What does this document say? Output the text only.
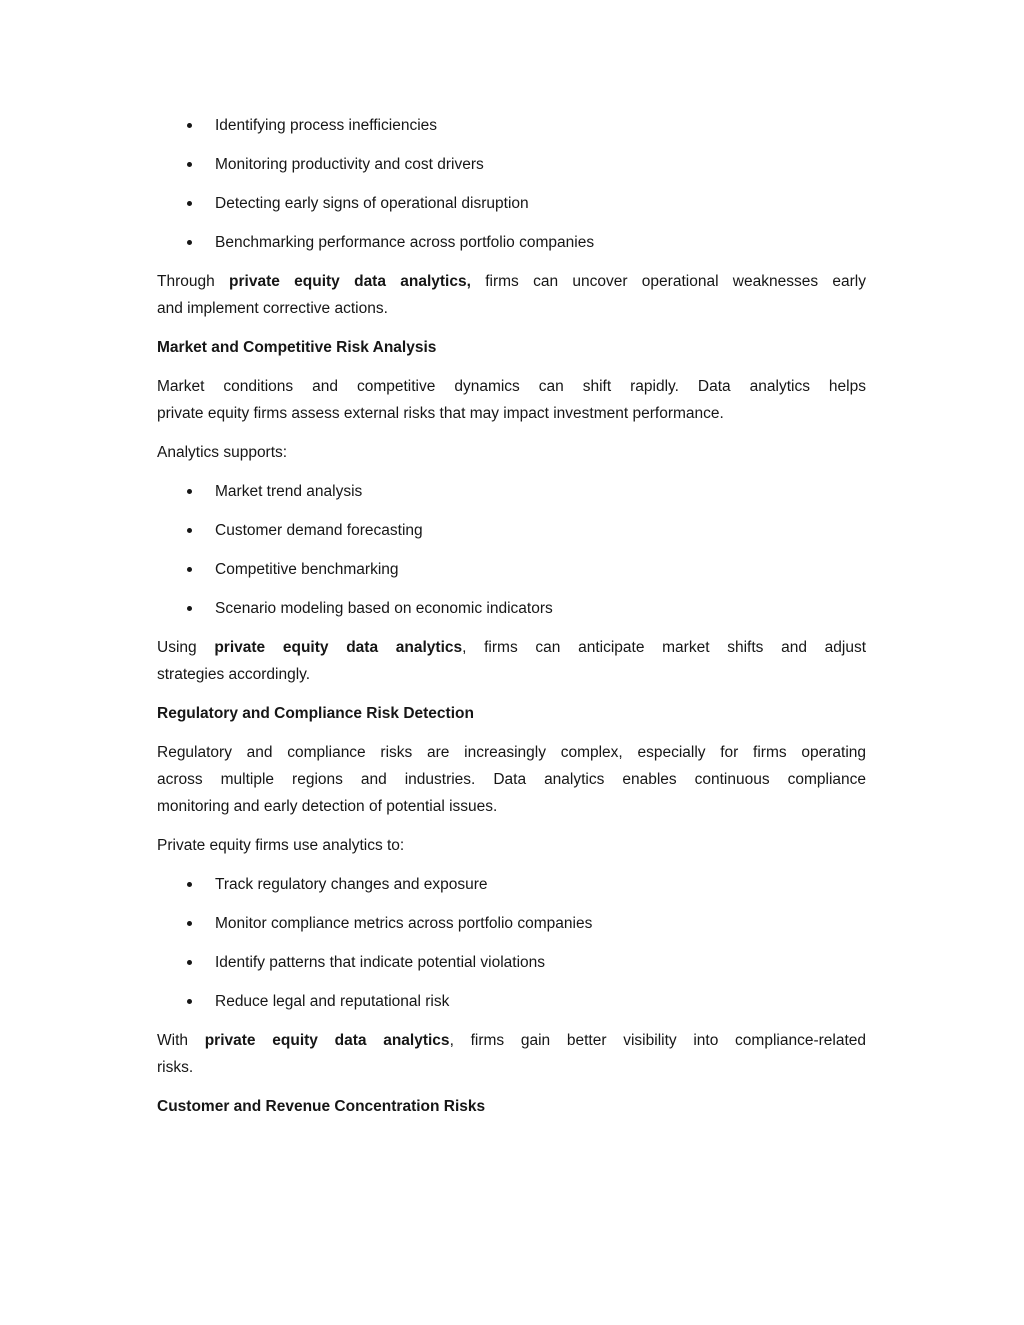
Identifying process inefficiencies
Monitoring productivity and cost drivers
Detecting early signs of operational disruption
Benchmarking performance across portfolio companies

Through private equity data analytics, firms can uncover operational weaknesses early
and implement corrective actions.

Market and Competitive Risk Analysis

Market conditions and competitive dynamics can shift rapidly. Data analytics helps
private equity firms assess external risks that may impact investment performance.

Analytics supports:

Market trend analysis
Customer demand forecasting
Competitive benchmarking
Scenario modeling based on economic indicators

Using private equity data analytics, firms can anticipate market shifts and adjust
strategies accordingly.

Regulatory and Compliance Risk Detection

Regulatory and compliance risks are increasingly complex, especially for firms operating
across multiple regions and industries. Data analytics enables continuous compliance
monitoring and early detection of potential issues.

Private equity firms use analytics to:

Track regulatory changes and exposure
Monitor compliance metrics across portfolio companies
Identify patterns that indicate potential violations
Reduce legal and reputational risk

With private equity data analytics, firms gain better visibility into compliance-related
risks.

Customer and Revenue Concentration Risks
